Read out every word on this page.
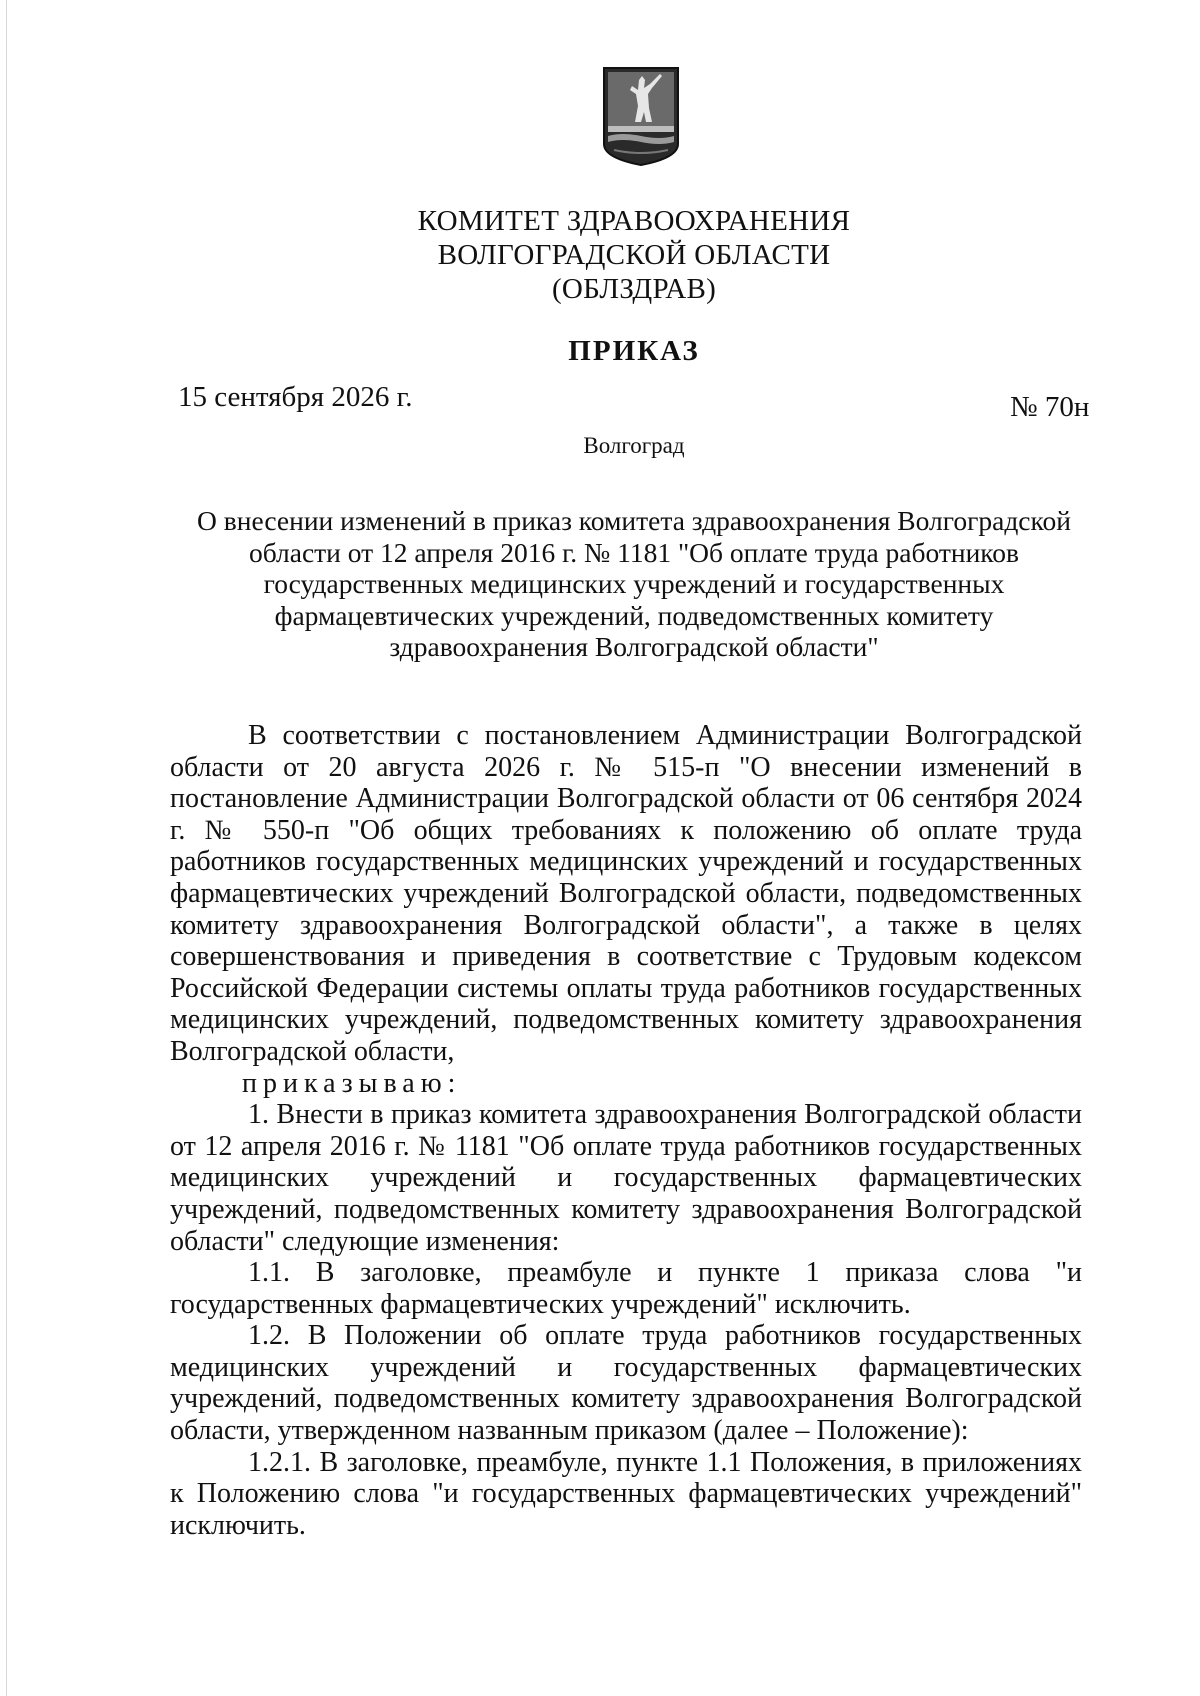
КОМИТЕТ ЗДРАВООХРАНЕНИЯ
ВОЛГОГРАДСКОЙ ОБЛАСТИ
(ОБЛЗДРАВ)
ПРИКАЗ
15 сентября 2026 г.	№ 70н
Волгоград
О внесении изменений в приказ комитета здравоохранения Волгоградской
области от 12 апреля 2016 г. № 1181 "Об оплате труда работников
государственных медицинских учреждений и государственных
фармацевтических учреждений, подведомственных комитету
здравоохранения Волгоградской области"

В соответствии с постановлением Администрации Волгоградской области от 20 августа 2026 г. № 515-п "О внесении изменений в постановление Администрации Волгоградской области от 06 сентября 2024 г. № 550-п "Об общих требованиях к положению об оплате труда работников государственных медицинских учреждений и государственных фармацевтических учреждений Волгоградской области, подведомственных комитету здравоохранения Волгоградской области", а также в целях совершенствования и приведения в соответствие с Трудовым кодексом Российской Федерации системы оплаты труда работников государственных медицинских учреждений, подведомственных комитету здравоохранения Волгоградской области,

приказываю:

1. Внести в приказ комитета здравоохранения Волгоградской области от 12 апреля 2016 г. № 1181 "Об оплате труда работников государственных медицинских учреждений и государственных фармацевтических учреждений, подведомственных комитету здравоохранения Волгоградской области" следующие изменения:

1.1. В заголовке, преамбуле и пункте 1 приказа слова "и государственных фармацевтических учреждений" исключить.

1.2. В Положении об оплате труда работников государственных медицинских учреждений и государственных фармацевтических учреждений, подведомственных комитету здравоохранения Волгоградской области, утвержденном названным приказом (далее – Положение):

1.2.1. В заголовке, преамбуле, пункте 1.1 Положения, в приложениях к Положению слова "и государственных фармацевтических учреждений" исключить.
